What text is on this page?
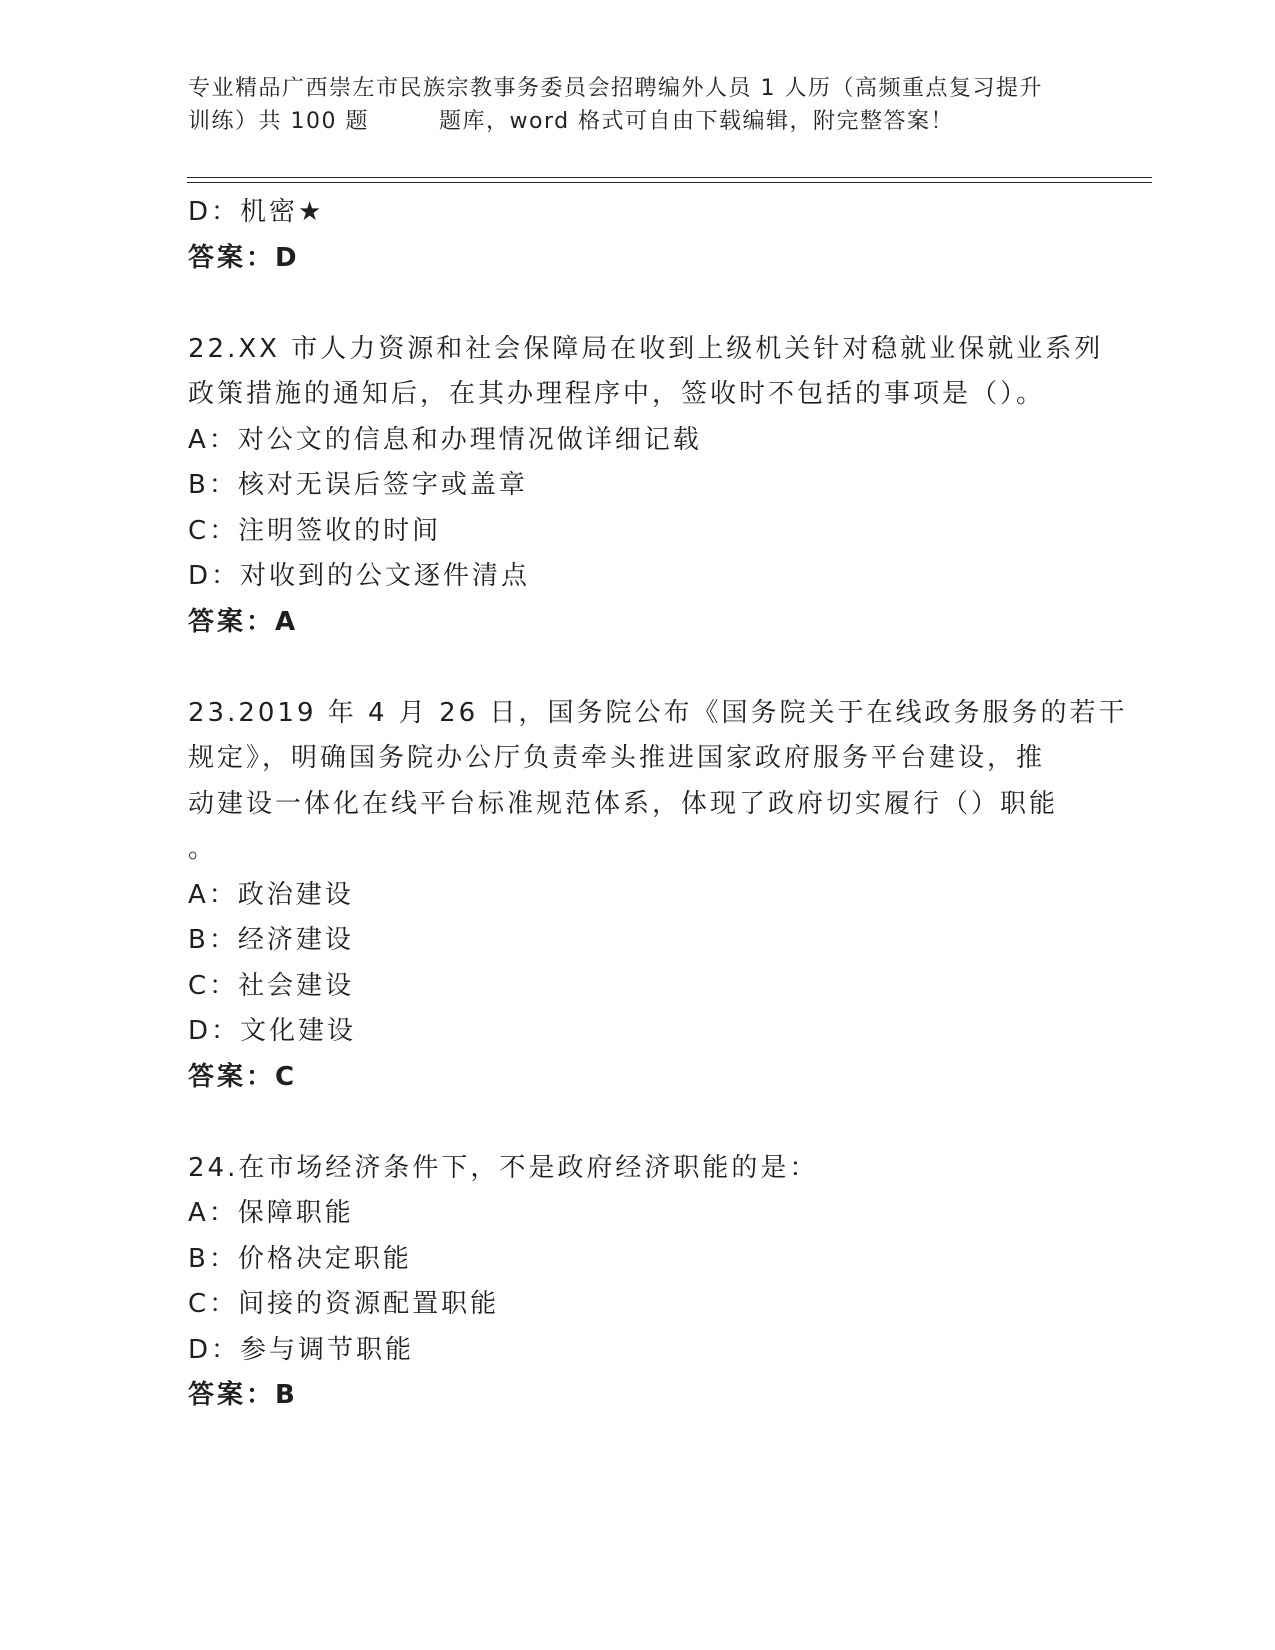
专业精品广西崇左市民族宗教事务委员会招聘编外人员 1 人历（高频重点复习提升
训练）共 100 题	题库，word 格式可自由下载编辑，附完整答案！
D：机密★
答案：D
22.XX 市人力资源和社会保障局在收到上级机关针对稳就业保就业系列
政策措施的通知后，在其办理程序中，签收时不包括的事项是（）。
A：对公文的信息和办理情况做详细记载
B：核对无误后签字或盖章
C：注明签收的时间
D：对收到的公文逐件清点
答案：A
23.2019 年 4 月 26 日，国务院公布《国务院关于在线政务服务的若干
规定》，明确国务院办公厅负责牵头推进国家政府服务平台建设，推
动建设一体化在线平台标准规范体系，体现了政府切实履行（）职能
。
A：政治建设
B：经济建设
C：社会建设
D：文化建设
答案：C
24.在市场经济条件下，不是政府经济职能的是：
A：保障职能
B：价格决定职能
C：间接的资源配置职能
D：参与调节职能
答案：B
